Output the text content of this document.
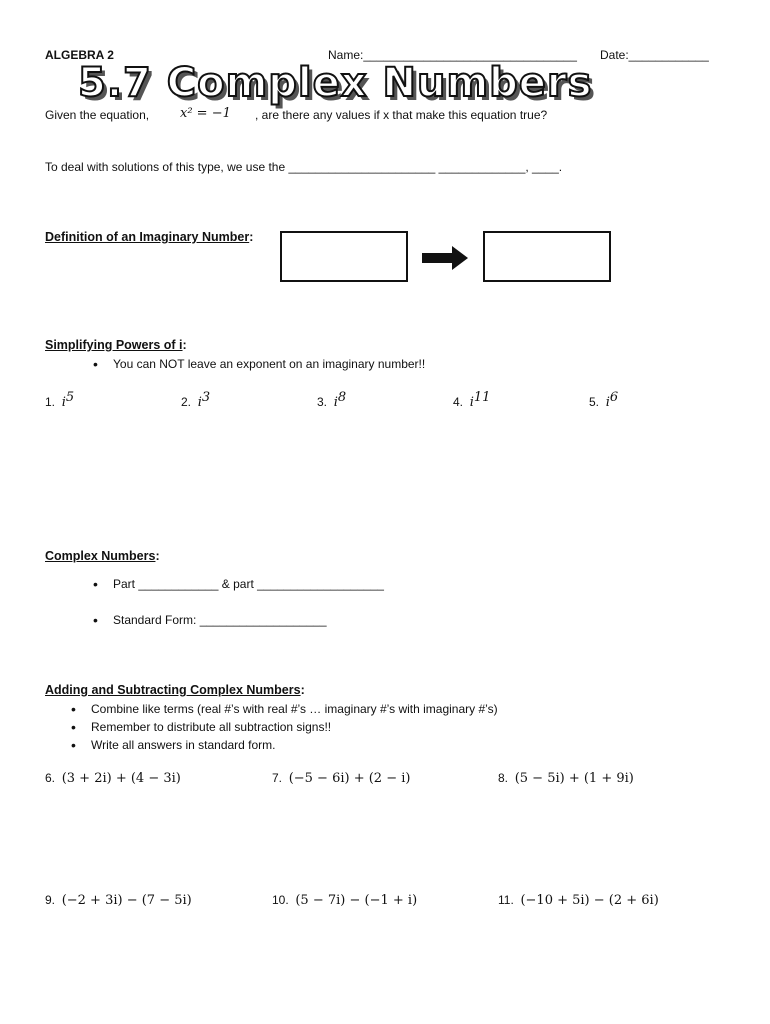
ALGEBRA 2	Name:________________________________ Date:____________
5.7 Complex Numbers
Given the equation, x² = −1 , are there any values if x that make this equation true?
To deal with solutions of this type, we use the ______________________ _____________, ____.
Definition of an Imaginary Number:
Simplifying Powers of i:
• You can NOT leave an exponent on an imaginary number!!
1. $i^5$	2. $i^3$	3. $i^8$	4. $i^{11}$	5. $i^6$
Complex Numbers:
• Part ____________ & part ___________________
• Standard Form: ___________________
Adding and Subtracting Complex Numbers:
• Combine like terms (real #’s with real #’s … imaginary #’s with imaginary #’s)
• Remember to distribute all subtraction signs!!
• Write all answers in standard form.
6. (3 + 2i) + (4 − 3i)	7. (−5 − 6i) + (2 − i)	8. (5 − 5i) + (1 + 9i)
9. (−2 + 3i) − (7 − 5i)	10. (5 − 7i) − (−1 + i)	11. (−10 + 5i) − (2 + 6i)
